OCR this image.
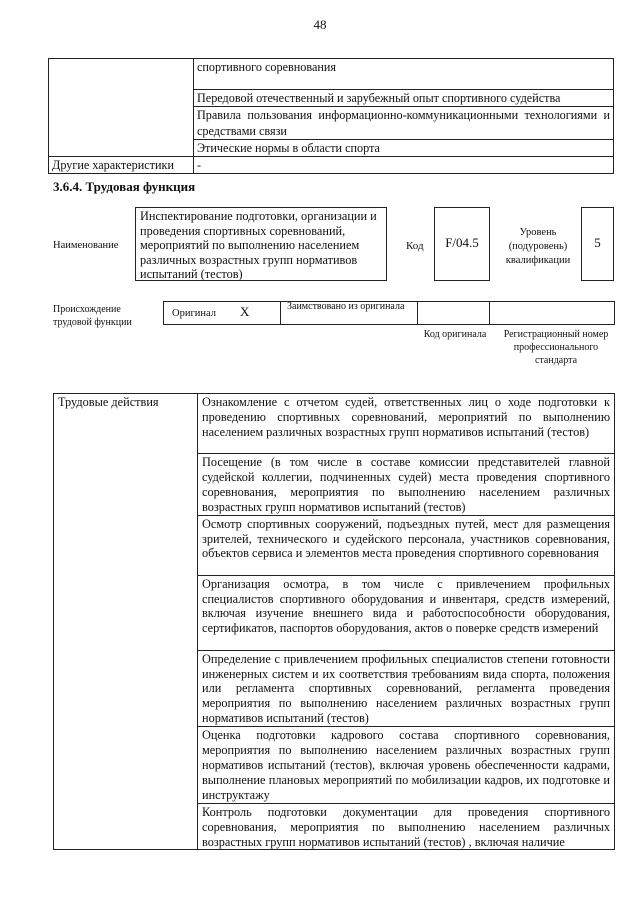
48
	спортивного соревнования
	Передовой отечественный и зарубежный опыт спортивного судейства
	Правила пользования информационно-коммуникационными технологиями и средствами связи
	Этические нормы в области спорта
Другие характеристики	-
3.6.4. Трудовая функция
Наименование
Инспектирование подготовки, организации и проведения спортивных соревнований, мероприятий по выполнению населением различных возрастных групп нормативов испытаний (тестов)
Код	F/04.5
Уровень (подуровень) квалификации
5
Происхождение трудовой функции
Оригинал X	Заимствовано из оригинала
Код оригинала	Регистрационный номер профессионального стандарта
Трудовые действия	Ознакомление с отчетом судей, ответственных лиц о ходе подготовки к проведению спортивных соревнований, мероприятий по выполнению населением различных возрастных групп нормативов испытаний (тестов)
Посещение (в том числе в составе комиссии представителей главной судейской коллегии, подчиненных судей) места проведения спортивного соревнования, мероприятия по выполнению населением различных возрастных групп нормативов испытаний (тестов)
Осмотр спортивных сооружений, подъездных путей, мест для размещения зрителей, технического и судейского персонала, участников соревнования, объектов сервиса и элементов места проведения спортивного соревнования
Организация осмотра, в том числе с привлечением профильных специалистов спортивного оборудования и инвентаря, средств измерений, включая изучение внешнего вида и работоспособности оборудования, сертификатов, паспортов оборудования, актов о поверке средств измерений
Определение с привлечением профильных специалистов степени готовности инженерных систем и их соответствия требованиям вида спорта, положения или регламента спортивных соревнований, регламента проведения мероприятия по выполнению населением различных возрастных групп нормативов испытаний (тестов)
Оценка подготовки кадрового состава спортивного соревнования, мероприятия по выполнению населением различных возрастных групп нормативов испытаний (тестов), включая уровень обеспеченности кадрами, выполнение плановых мероприятий по мобилизации кадров, их подготовке и инструктажу
Контроль подготовки документации для проведения спортивного соревнования, мероприятия по выполнению населением различных возрастных групп нормативов испытаний (тестов) , включая наличие
